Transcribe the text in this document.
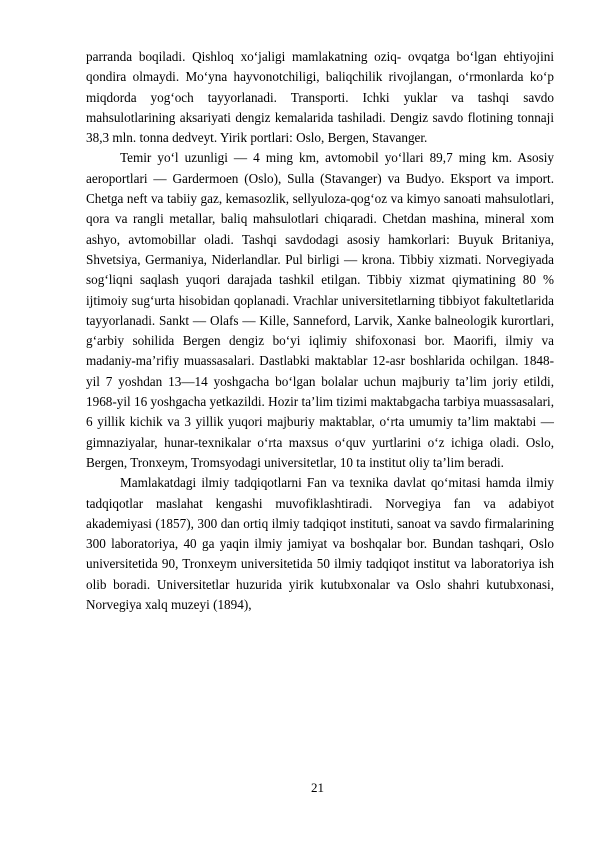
parranda boqiladi. Qishloq xoʻjaligi mamlakatning oziq- ovqatga boʻlgan ehtiyojini qondira olmaydi. Moʻyna hayvonotchiligi, baliqchilik rivojlangan, oʻrmonlarda koʻp miqdorda yogʻoch tayyorlanadi. Transporti. Ichki yuklar va tashqi savdo mahsulotlarining aksariyati dengiz kemalarida tashiladi. Dengiz savdo flotining tonnaji 38,3 mln. tonna dedveyt. Yirik portlari: Oslo, Bergen, Stavanger.

Temir yoʻl uzunligi — 4 ming km, avtomobil yoʻllari 89,7 ming km. Asosiy aeroportlari — Gardermoen (Oslo), Sulla (Stavanger) va Budyo. Eksport va import. Chetga neft va tabiiy gaz, kemasozlik, sellyuloza-qogʻoz va kimyo sanoati mahsulotlari, qora va rangli metallar, baliq mahsulotlari chiqaradi. Chetdan mashina, mineral xom ashyo, avtomobillar oladi. Tashqi savdodagi asosiy hamkorlari: Buyuk Britaniya, Shvetsiya, Germaniya, Niderlandlar. Pul birligi — krona. Tibbiy xizmati. Norvegiyada sogʻliqni saqlash yuqori darajada tashkil etilgan. Tibbiy xizmat qiymatining 80 % ijtimoiy sugʻurta hisobidan qoplanadi. Vrachlar universitetlarning tibbiyot fakultetlarida tayyorlanadi. Sankt — Olafs — Kille, Sanneford, Larvik, Xanke balneologik kurortlari, gʻarbiy sohilida Bergen dengiz boʻyi iqlimiy shifoxonasi bor. Maorifi, ilmiy va madaniy-maʼrifiy muassasalari. Dastlabki maktablar 12-asr boshlarida ochilgan. 1848- yil 7 yoshdan 13—14 yoshgacha boʻlgan bolalar uchun majburiy taʼlim joriy etildi, 1968-yil 16 yoshgacha yetkazildi. Hozir taʼlim tizimi maktabgacha tarbiya muassasalari, 6 yillik kichik va 3 yillik yuqori majburiy maktablar, oʻrta umumiy taʼlim maktabi — gimnaziyalar, hunar-texnikalar oʻrta maxsus oʻquv yurtlarini oʻz ichiga oladi. Oslo, Bergen, Tronxeym, Tromsyodagi universitetlar, 10 ta institut oliy taʼlim beradi.

Mamlakatdagi ilmiy tadqiqotlarni Fan va texnika davlat qoʻmitasi hamda ilmiy tadqiqotlar maslahat kengashi muvofiklashtiradi. Norvegiya fan va adabiyot akademiyasi (1857), 300 dan ortiq ilmiy tadqiqot instituti, sanoat va savdo firmalarining 300 laboratoriya, 40 ga yaqin ilmiy jamiyat va boshqalar bor. Bundan tashqari, Oslo universitetida 90, Tronxeym universitetida 50 ilmiy tadqiqot institut va laboratoriya ish olib boradi. Universitetlar huzurida yirik kutubxonalar va Oslo shahri kutubxonasi, Norvegiya xalq muzeyi (1894),

21
